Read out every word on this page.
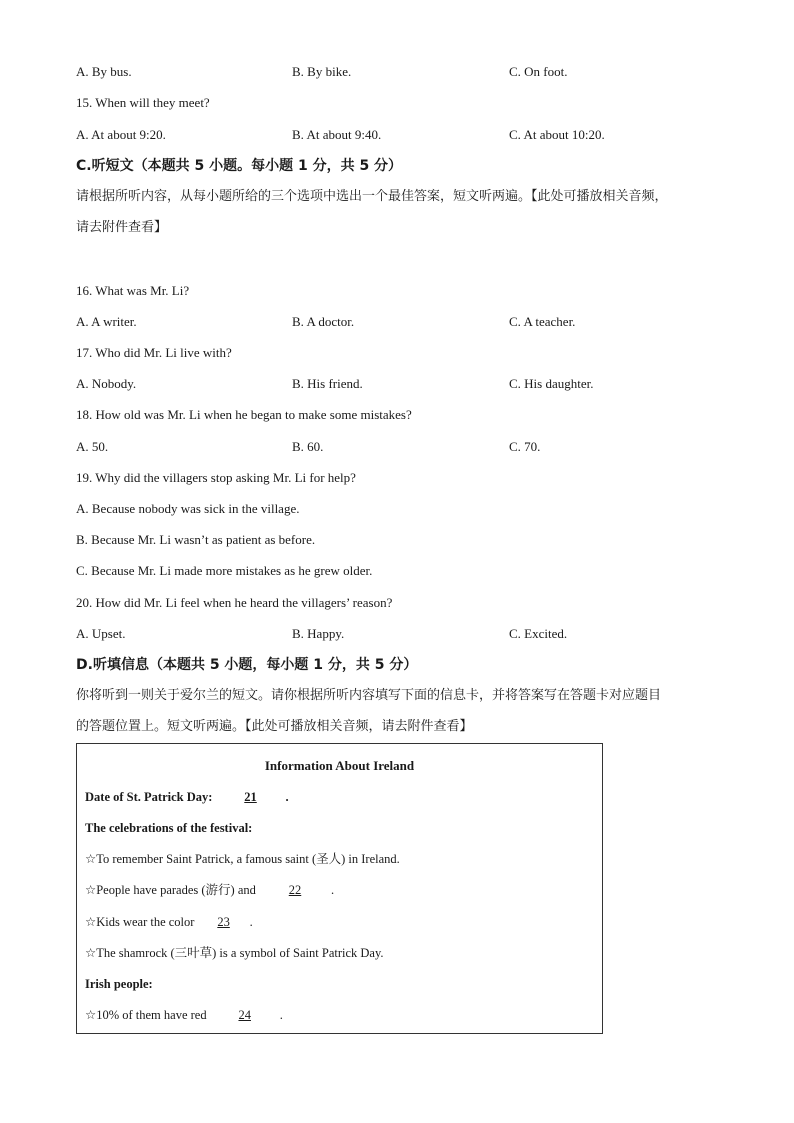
A. By bus.	B. By bike.	C. On foot.
15. When will they meet?
A. At about 9:20.	B. At about 9:40.	C. At about 10:20.
C.听短文（本题共 5 小题。每小题 1 分，共 5 分）
请根据所听内容，从每小题所给的三个选项中选出一个最佳答案，短文听两遍。【此处可播放相关音频，
请去附件查看】
16. What was Mr. Li?
A. A writer.	B. A doctor.	C. A teacher.
17. Who did Mr. Li live with?
A. Nobody.	B. His friend.	C. His daughter.
18. How old was Mr. Li when he began to make some mistakes?
A. 50.	B. 60.	C. 70.
19. Why did the villagers stop asking Mr. Li for help?
A. Because nobody was sick in the village.
B. Because Mr. Li wasn’t as patient as before.
C. Because Mr. Li made more mistakes as he grew older.
20. How did Mr. Li feel when he heard the villagers’ reason?
A. Upset.	B. Happy.	C. Excited.
D.听填信息（本题共 5 小题，每小题 1 分，共 5 分）
你将听到一则关于爱尔兰的短文。请你根据所听内容填写下面的信息卡，并将答案写在答题卡对应题目
的答题位置上。短文听两遍。【此处可播放相关音频，请去附件查看】
Information About Ireland
Date of St. Patrick Day:	21 .
The celebrations of the festival:
☆To remember Saint Patrick, a famous saint (圣人) in Ireland.
☆People have parades (游行) and	22 .
☆Kids wear the color 23 .
☆The shamrock (三叶草) is a symbol of Saint Patrick Day.
Irish people:
☆10% of them have red	24 .
